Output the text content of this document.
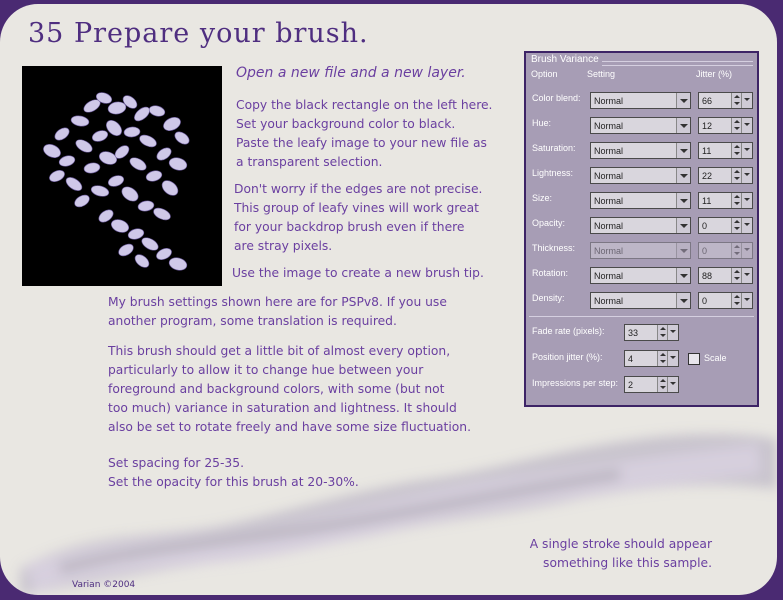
35 Prepare your brush.
Open a new file and a new layer.
Copy the black rectangle on the left here.
Set your background color to black.
Paste the leafy image to your new file as
a transparent selection.
Don't worry if the edges are not precise.
This group of leafy vines will work great
for your backdrop brush even if there
are stray pixels.
Use the image to create a new brush tip.
My brush settings shown here are for PSPv8. If you use
another program, some translation is required.
This brush should get a little bit of almost every option,
particularly to allow it to change hue between your
foreground and background colors, with some (but not
too much) variance in saturation and lightness. It should
also be set to rotate freely and have some size fluctuation.
Set spacing for 25-35.
Set the opacity for this brush at 20-30%.
A single stroke should appear
something like this sample.
Varian ©2004
Brush Variance
Option	Setting	Jitter (%)
Color blend: Normal	66
Hue:	Normal	12
Saturation: Normal	11
Lightness: Normal	22
Size:	Normal	11
Opacity:	Normal	0
Thickness: Normal	0
Rotation:	Normal	88
Density:	Normal	0
Fade rate (pixels):	33
Position jitter (%):	4	Scale
Impressions per step: 2
